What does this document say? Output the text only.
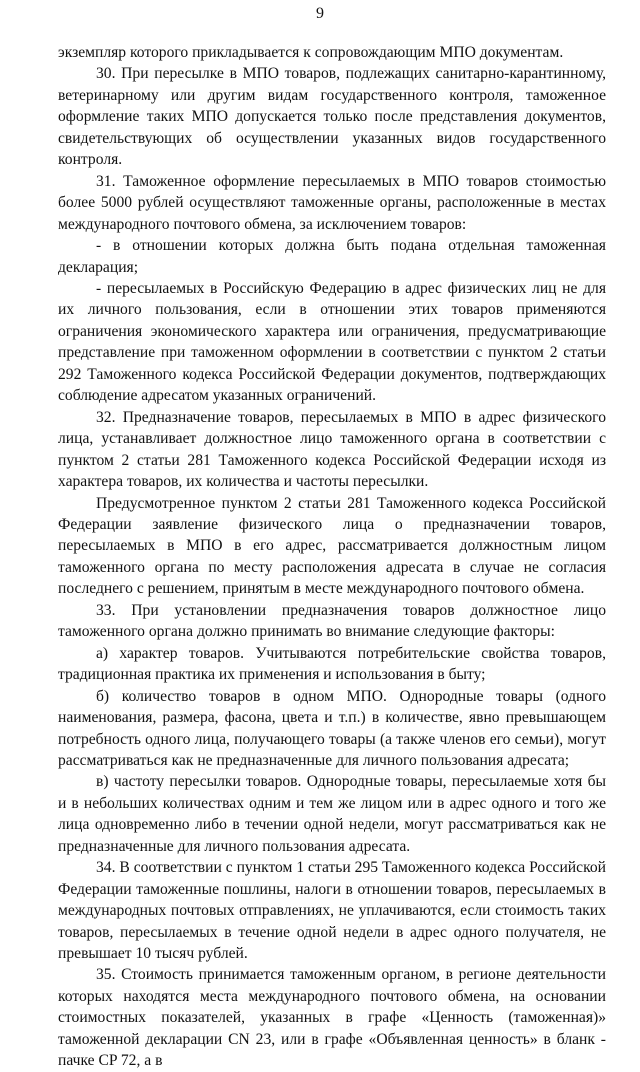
9

экземпляр которого прикладывается к сопровождающим МПО документам.

30. При пересылке в МПО товаров, подлежащих санитарно-карантинному, ветеринарному или другим видам государственного контроля, таможенное оформление таких МПО допускается только после представления документов, свидетельствующих об осуществлении указанных видов государственного контроля.

31. Таможенное оформление пересылаемых в МПО товаров стоимостью более 5000 рублей осуществляют таможенные органы, расположенные в местах международного почтового обмена, за исключением товаров:

- в отношении которых должна быть подана отдельная таможенная декларация;

- пересылаемых в Российскую Федерацию в адрес физических лиц не для их личного пользования, если в отношении этих товаров применяются ограничения экономического характера или ограничения, предусматривающие представление при таможенном оформлении в соответствии с пунктом 2 статьи 292 Таможенного кодекса Российской Федерации документов, подтверждающих соблюдение адресатом указанных ограничений.

32. Предназначение товаров, пересылаемых в МПО в адрес физического лица, устанавливает должностное лицо таможенного органа в соответствии с пунктом 2 статьи 281 Таможенного кодекса Российской Федерации исходя из характера товаров, их количества и частоты пересылки.

Предусмотренное пунктом 2 статьи 281 Таможенного кодекса Российской Федерации заявление физического лица о предназначении товаров, пересылаемых в МПО в его адрес, рассматривается должностным лицом таможенного органа по месту расположения адресата в случае не согласия последнего с решением, принятым в месте международного почтового обмена.

33. При установлении предназначения товаров должностное лицо таможенного органа должно принимать во внимание следующие факторы:

а) характер товаров. Учитываются потребительские свойства товаров, традиционная практика их применения и использования в быту;

б) количество товаров в одном МПО. Однородные товары (одного наименования, размера, фасона, цвета и т.п.) в количестве, явно превышающем потребность одного лица, получающего товары (а также членов его семьи), могут рассматриваться как не предназначенные для личного пользования адресата;

в) частоту пересылки товаров. Однородные товары, пересылаемые хотя бы и в небольших количествах одним и тем же лицом или в адрес одного и того же лица одновременно либо в течении одной недели, могут рассматриваться как не предназначенные для личного пользования адресата.

34. В соответствии с пунктом 1 статьи 295 Таможенного кодекса Российской Федерации таможенные пошлины, налоги в отношении товаров, пересылаемых в международных почтовых отправлениях, не уплачиваются, если стоимость таких товаров, пересылаемых в течение одной недели в адрес одного получателя, не превышает 10 тысяч рублей.

35. Стоимость принимается таможенным органом, в регионе деятельности которых находятся места международного почтового обмена, на основании стоимостных показателей, указанных в графе «Ценность (таможенная)» таможенной декларации CN 23, или в графе «Объявленная ценность» в бланк - пачке CP 72, а в
